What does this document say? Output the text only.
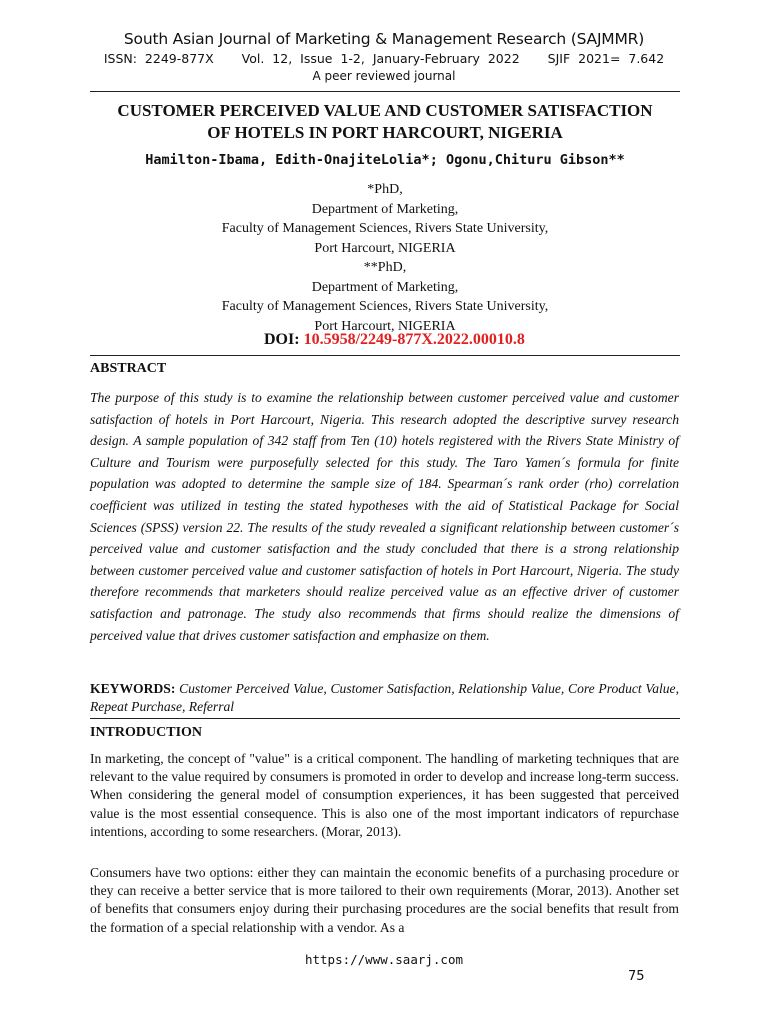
South Asian Journal of Marketing & Management Research (SAJMMR)
ISSN: 2249-877X Vol. 12, Issue 1-2, January-February 2022 SJIF 2021= 7.642
A peer reviewed journal
CUSTOMER PERCEIVED VALUE AND CUSTOMER SATISFACTION
OF HOTELS IN PORT HARCOURT, NIGERIA
Hamilton-Ibama, Edith-OnajiteLolia*; Ogonu,Chituru Gibson**
*PhD,
Department of Marketing,
Faculty of Management Sciences, Rivers State University,
Port Harcourt, NIGERIA
**PhD,
Department of Marketing,
Faculty of Management Sciences, Rivers State University,
Port Harcourt, NIGERIA
DOI: 10.5958/2249-877X.2022.00010.8
ABSTRACT
The purpose of this study is to examine the relationship between customer perceived value and customer satisfaction of hotels in Port Harcourt, Nigeria. This research adopted the descriptive survey research design. A sample population of 342 staff from Ten (10) hotels registered with the Rivers State Ministry of Culture and Tourism were purposefully selected for this study. The Taro Yamen´s formula for finite population was adopted to determine the sample size of 184. Spearman´s rank order (rho) correlation coefficient was utilized in testing the stated hypotheses with the aid of Statistical Package for Social Sciences (SPSS) version 22. The results of the study revealed a significant relationship between customer´s perceived value and customer satisfaction and the study concluded that there is a strong relationship between customer perceived value and customer satisfaction of hotels in Port Harcourt, Nigeria. The study therefore recommends that marketers should realize perceived value as an effective driver of customer satisfaction and patronage. The study also recommends that firms should realize the dimensions of perceived value that drives customer satisfaction and emphasize on them.
KEYWORDS: Customer Perceived Value, Customer Satisfaction, Relationship Value, Core Product Value, Repeat Purchase, Referral
INTRODUCTION
In marketing, the concept of "value" is a critical component. The handling of marketing techniques that are relevant to the value required by consumers is promoted in order to develop and increase long-term success. When considering the general model of consumption experiences, it has been suggested that perceived value is the most essential consequence. This is also one of the most important indicators of repurchase intentions, according to some researchers. (Morar, 2013).
Consumers have two options: either they can maintain the economic benefits of a purchasing procedure or they can receive a better service that is more tailored to their own requirements (Morar, 2013). Another set of benefits that consumers enjoy during their purchasing procedures are the social benefits that result from the formation of a special relationship with a vendor. As a
https://www.saarj.com
75
